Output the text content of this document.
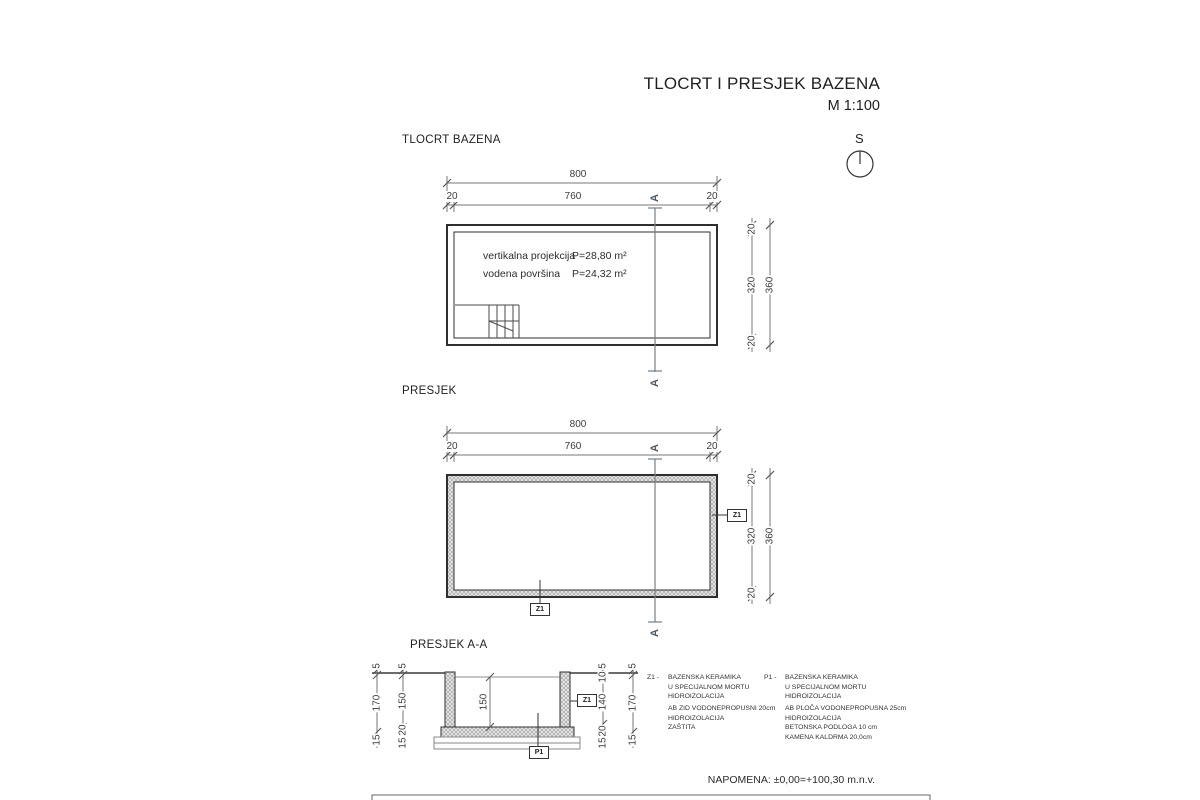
TLOCRT I PRESJEK BAZENA
M 1:100
S
TLOCRT BAZENA
800
20	760	20
A
A
20
320
20
360
vertikalna projekcija
P=28,80 m²
vodena površina P=24,32 m²
PRESJEK
800
20	760	20
A
A
20
320
20
360
Z1
Z1
PRESJEK A-A
5
170
15
5
150
20
15
150
5
10
140
20
15
5
170
15
Z1
P1
Z1 - BAZENSKA KERAMIKA
U SPECIJALNOM MORTU
HIDROIZOLACIJA
AB ZID VODONEPROPUSNI 20cm
HIDROIZOLACIJA
ZAŠTITA
P1 - BAZENSKA KERAMIKA
U SPECIJALNOM MORTU
HIDROIZOLACIJA
AB PLOČA VODONEPROPUSNA 25cm
HIDROIZOLACIJA
BETONSKA PODLOGA 10 cm
KAMENA KALDRMA 20,0cm
NAPOMENA: ±0,00=+100,30 m.n.v.
